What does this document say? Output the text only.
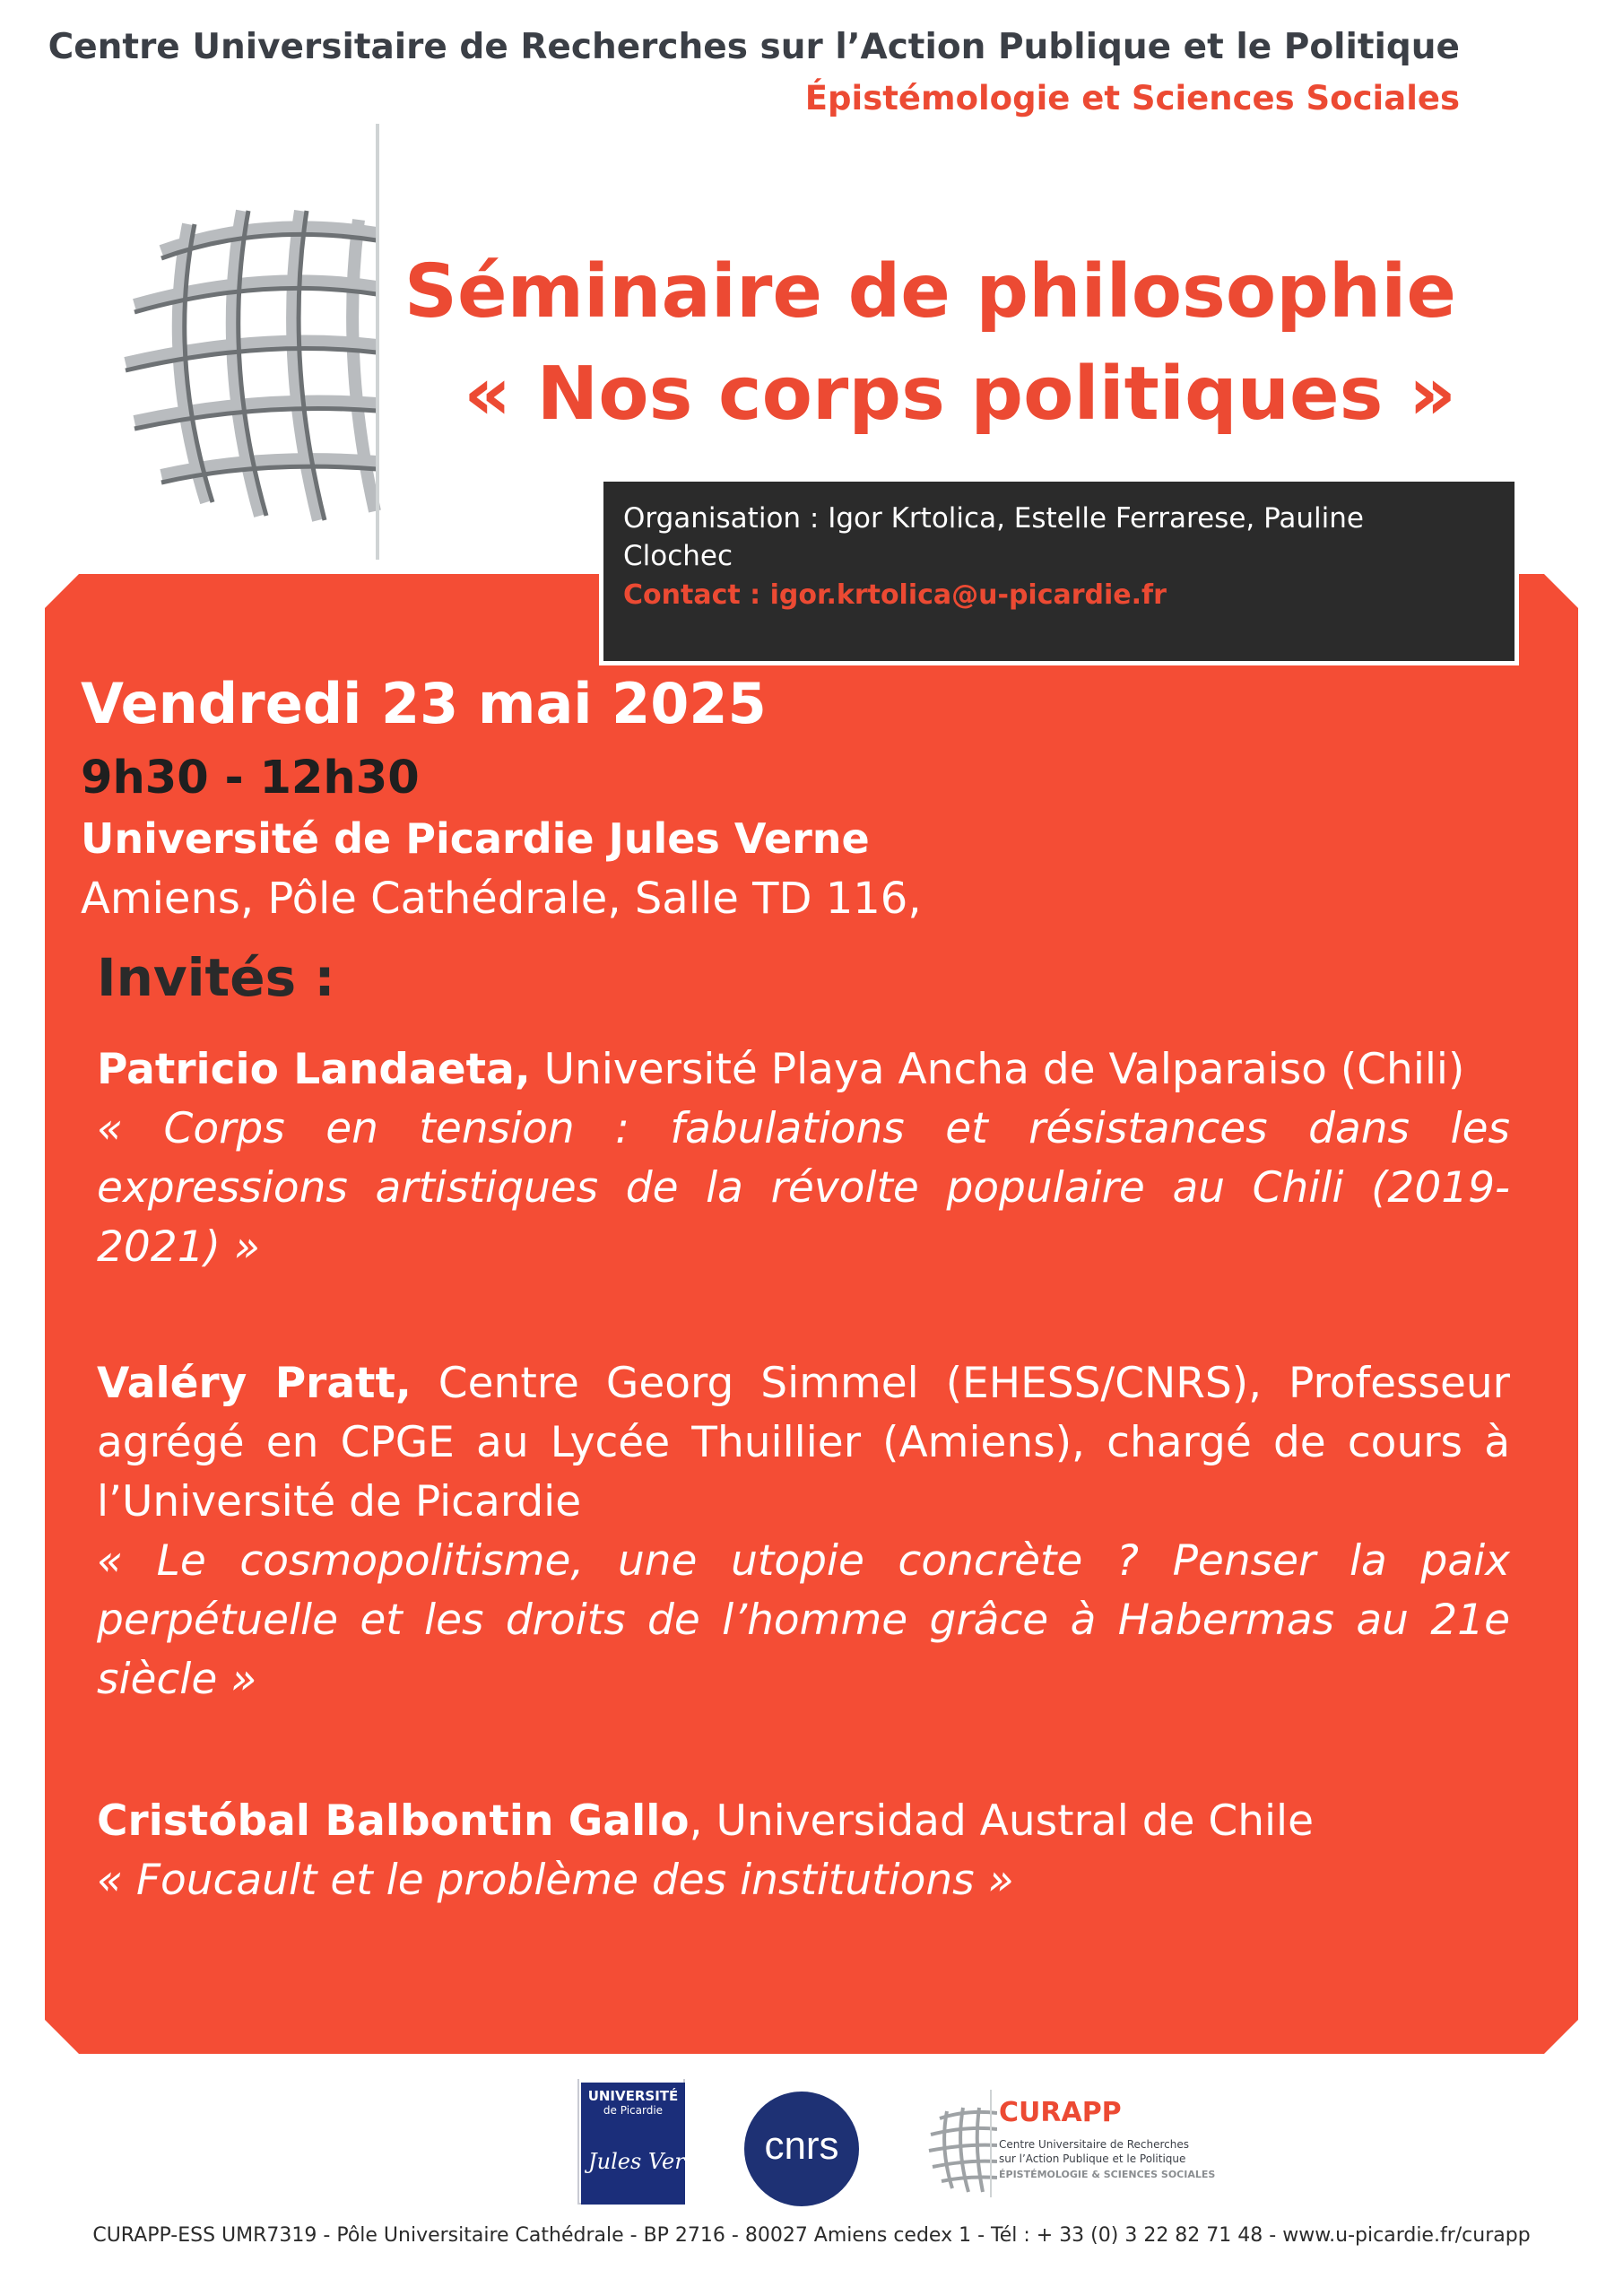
Centre Universitaire de Recherches sur l’Action Publique et le Politique
Épistémologie et Sciences Sociales
Séminaire de philosophie
« Nos corps politiques »
Organisation : Igor Krtolica, Estelle Ferrarese, Pauline Clochec
Contact : igor.krtolica@u-picardie.fr
Vendredi 23 mai 2025
9h30 - 12h30
Université de Picardie Jules Verne
Amiens, Pôle Cathédrale, Salle TD 116,
Invités :
Patricio Landaeta, Université Playa Ancha de Valparaiso (Chili)
« Corps en tension : fabulations et résistances dans les expressions artistiques de la révolte populaire au Chili (2019-2021) »
Valéry Pratt, Centre Georg Simmel (EHESS/CNRS), Professeur agrégé en CPGE au Lycée Thuillier (Amiens), chargé de cours à l’Université de Picardie
« Le cosmopolitisme, une utopie concrète ? Penser la paix perpétuelle et les droits de l’homme grâce à Habermas au 21e siècle »
Cristóbal Balbontin Gallo, Universidad Austral de Chile
« Foucault et le problème des institutions »
UNIVERSITÉ
de Picardie
Jules Verne	cnrs
CURAPP
Centre Universitaire de Recherches
sur l’Action Publique et le Politique
ÉPISTÉMOLOGIE & SCIENCES SOCIALES
CURAPP-ESS UMR7319 - Pôle Universitaire Cathédrale - BP 2716 - 80027 Amiens cedex 1 - Tél : + 33 (0) 3 22 82 71 48 - www.u-picardie.fr/curapp
